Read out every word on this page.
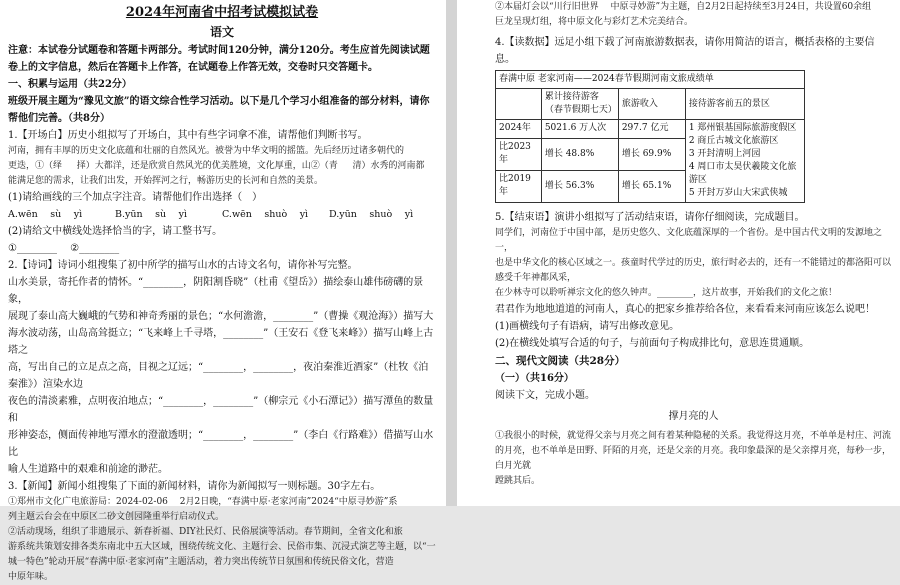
2024年河南省中招考试模拟试卷

语文

注意：本试卷分试题卷和答题卡两部分。考试时间120分钟，满分120分。考生应首先阅读试题卷上的文字信息，然后在答题卡上作答，在试题卷上作答无效，交卷时只交答题卡。

一、积累与运用（共22分）

班级开展主题为“豫见文旅”的语文综合性学习活动。以下是几个学习小组准备的部分材料，请你帮他们完善。（共8分）

1.【开场白】历史小组拟写了开场白，其中有些字词拿不准，请帮他们判断书写。

河南，拥有丰厚的历史文化底蕴和壮丽的自然风光。被誉为中华文明的摇篮。先后经历过诸多朝代的

更迭，①（绎 　 择）大都洋，还是欣赏自然风光的优美胜境，文化厚重，山②（青 　 清）水秀的河南都

能满足您的需求，让我们出发，开始挥河之行，畅游历史的长河和自然的美景。

(1)请给画线的三个加点字注音。请帮他们作出选择（　）

A.wēn 　sù 　yì	B.yūn 　sù 　yì	C.wēn 　shuò 　yì	D.yūn 　shuò 　yì

(2)请给文中横线处选择恰当的字，请工整书写。

①________ 　②________

2.【诗词】诗词小组搜集了初中所学的描写山水的古诗文名句，请你补写完整。

山水美景，寄托作者的情怀。“________，阴阳割昏晓”（杜甫《望岳》）描绘泰山雄伟磅礴的景象，

展现了泰山高大巍峨的气势和神奇秀丽的景色；“水何澹澹，________”（曹操《观沧海》）描写大

海水波动荡，山岛高耸挺立；“飞来峰上千寻塔，________”（王安石《登飞来峰》）描写山峰上古塔之

高，写出自己的立足点之高，目视之辽远；“________，________，夜泊秦淮近酒家”（杜牧《泊秦淮》）渲染水边

夜色的清淡素雅，点明夜泊地点；“________，________”（柳宗元《小石潭记》）描写潭鱼的数量和

形神姿态，侧面传神地写潭水的澄澈透明；“________，________”（李白《行路难》）借描写山水比

喻人生道路中的艰难和前途的渺茫。

3.【新闻】新闻小组搜集了下面的新闻材料，请你为新闻拟写一则标题。30字左右。

①郑州市文化广电旅游局：2024-02-06 　2月2日晚，“春满中原·老家河南”2024“中原寻妙游”系

列主题云台会在中原区二砂文创园隆重举行启动仪式。

②活动现场，组织了非遗展示、新春祈福、DIY社民灯、民俗展演等活动。春节期间，全省文化和旅

游系统共策划安排各类东南北中五大区域，围绕传统文化、主题行会、民俗市集、沉浸式演艺等主题，以“一

城一特色”轮动开展“春满中原·老家河南”主题活动，着力突出传统节日氛围和传统民俗文化，营造

中原年味。

②本届灯会以“川行旧世界 　中原寻妙游”为主题，自2月2日起持续至3月24日，共设置60余组

巨龙呈现灯组，将中原文化与彩灯艺术完美结合。

4.【读数据】远足小组下载了河南旅游数据表，请你用简洁的语言，概括表格的主要信息。

春满中原 老家河南——2024春节假期河南文旅成绩单			
	累计接待游客（春节假期七天）	旅游收入	接待游客前五的景区
2024年	5021.6 万人次	297.7 亿元	1 郑州银基国际旅游度假区
2 商丘古城文化旅游区
3 开封清明上河园
4 周口市太昊伏羲陵文化旅游区
5 开封万岁山大宋武侠城

比2023年	增长 48.8%	增长 69.9%	
比2019年	增长 56.3%	增长 65.1%	

5.【结束语】演讲小组拟写了活动结束语，请你仔细阅读，完成题目。

同学们，河南位于中国中部，是历史悠久、文化底蕴深厚的一个省份。是中国古代文明的发源地之一，

也是中华文化的核心区域之一。孩童时代学过的历史，旅行时必去的，还有一不能错过的都洛阳可以感受千年神都风采，

在少林寺可以聆听禅宗文化的悠久钟声。________，这片故事，开始我们的文化之旅！

君君作为地地道道的河南人，真心的把家乡推荐给各位，来看看来河南应该怎么说吧！

(1)画横线句子有语病，请写出修改意见。

(2)在横线处填写合适的句子，与前面句子构成排比句，意思连贯通顺。

二、现代文阅读（共28分）

（一）（共16分）

阅读下文，完成小题。

撑月亮的人

①我很小的时候，就觉得父亲与月亮之间有着某种隐秘的关系。我觉得这月亮，不单单是村庄、河流

的月亮，也不单单是田野、阡陌的月亮，还是父亲的月亮。我印象最深的是父亲撑月亮，每秒一步，白月光就

蹚跳其后。
